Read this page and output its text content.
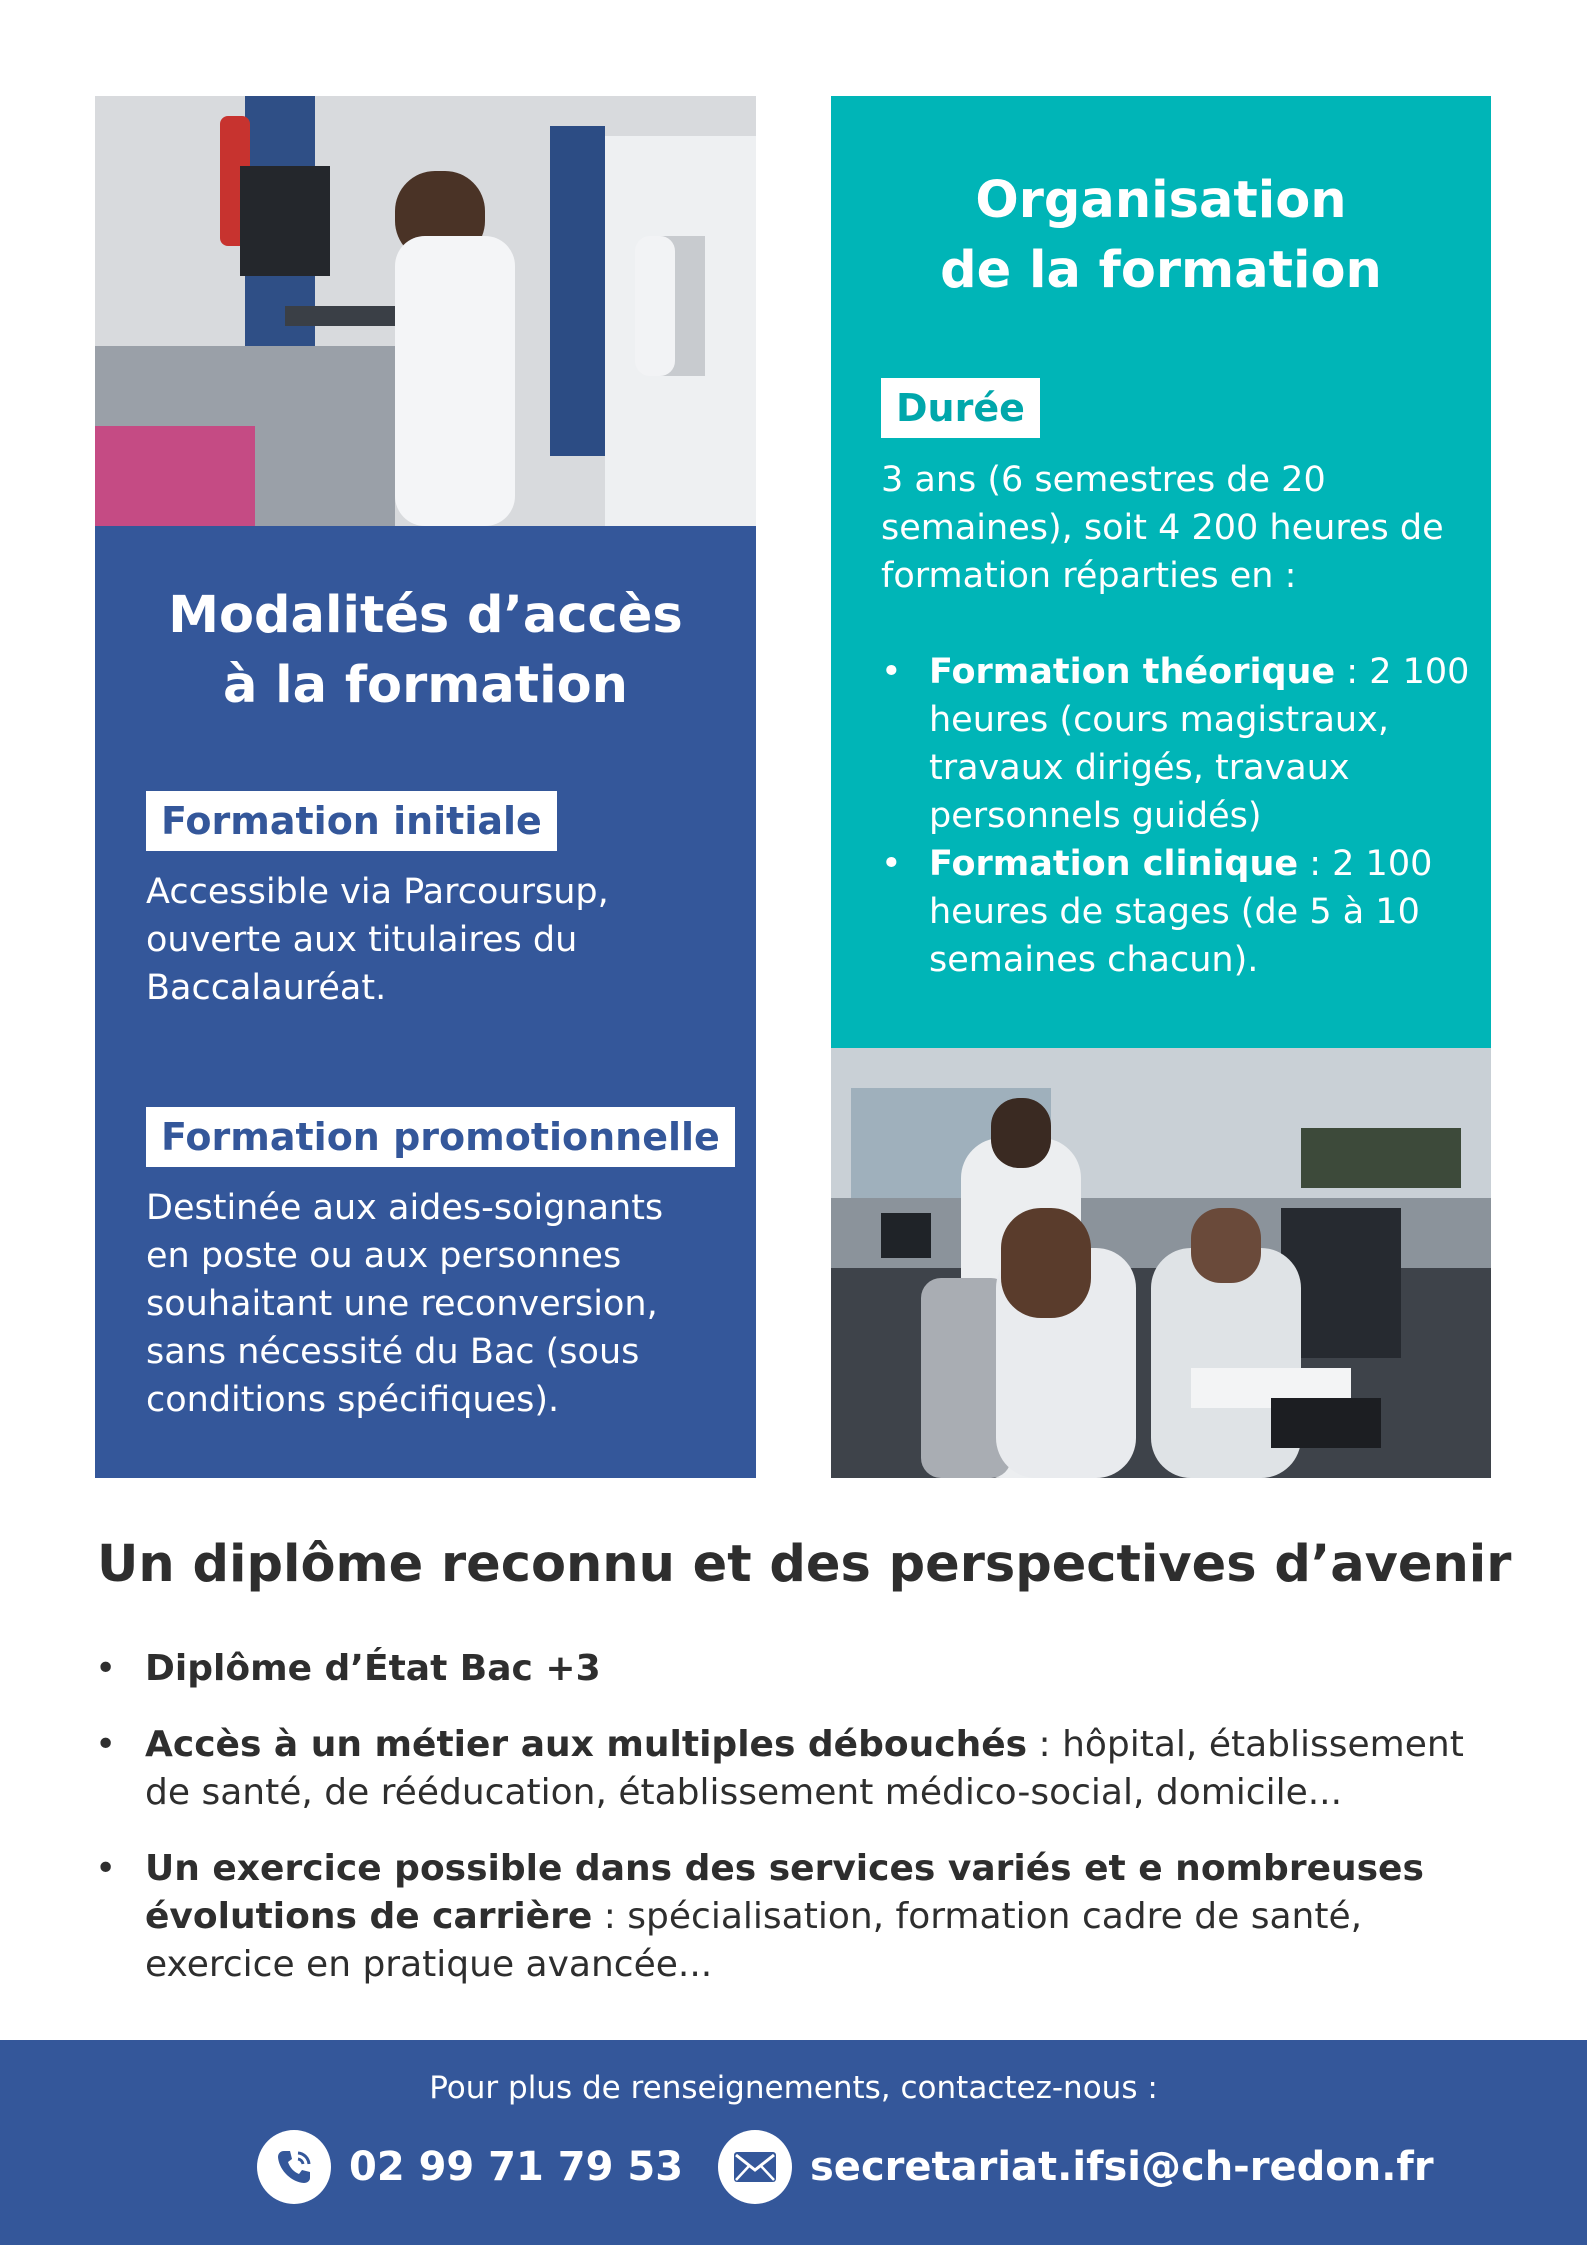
Modalités d’accès

à la formation

Formation initiale

Accessible via Parcoursup,

ouverte aux titulaires du

Baccalauréat.

Formation promotionnelle

Destinée aux aides-soignants

en poste ou aux personnes

souhaitant une reconversion,

sans nécessité du Bac (sous

conditions spécifiques).

Organisation

de la formation

Durée

3 ans (6 semestres de 20

semaines), soit 4 200 heures de

formation réparties en :

• Formation théorique : 2 100
heures (cours magistraux,
travaux dirigés, travaux
personnels guidés)
• Formation clinique : 2 100
heures de stages (de 5 à 10
semaines chacun).
Un diplôme reconnu et des perspectives d’avenir
• Diplôme d’État Bac +3
• Accès à un métier aux multiples débouchés : hôpital, établissement de santé, de rééducation, établissement médico-social, domicile...
• Un exercice possible dans des services variés et e nombreuses évolutions de carrière : spécialisation, formation cadre de santé, exercice en pratique avancée...
Pour plus de renseignements, contactez-nous :
02 99 71 79 53	secretariat.ifsi@ch-redon.fr
